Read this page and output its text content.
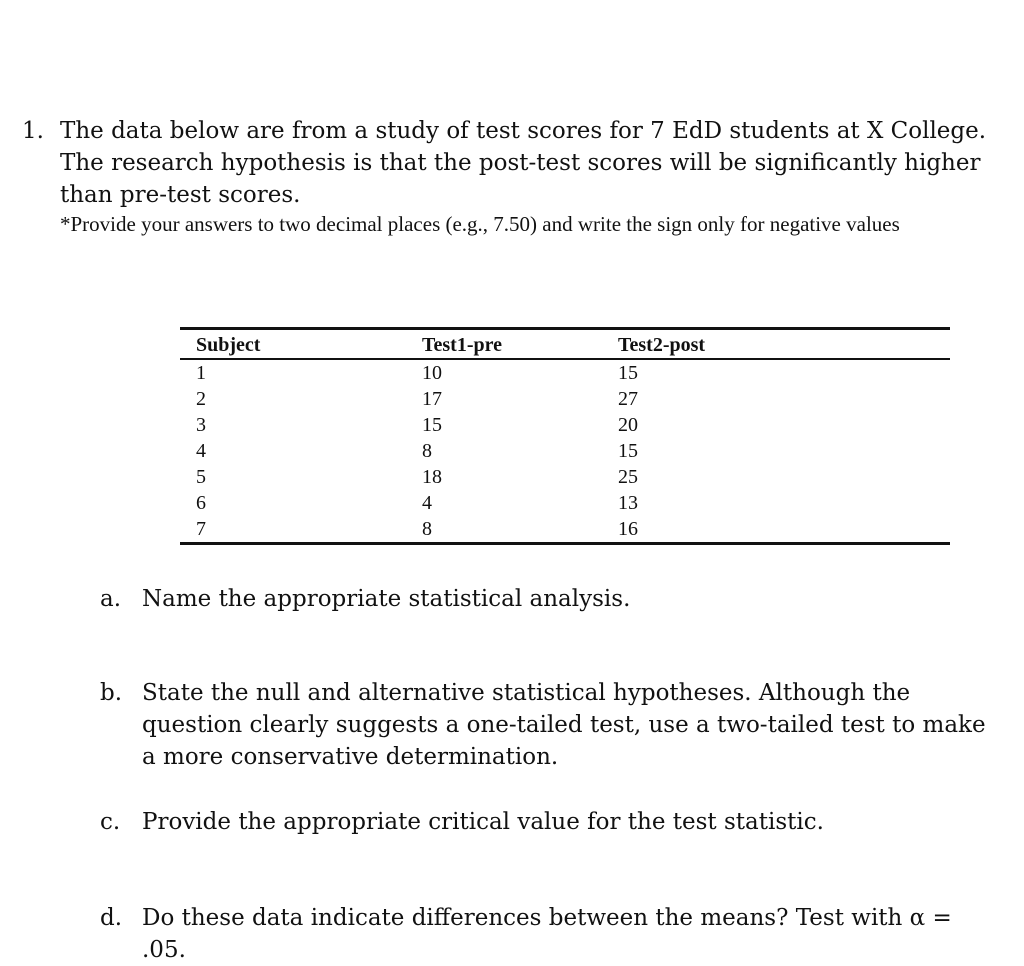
1. The data below are from a study of test scores for 7 EdD students at X College. The research hypothesis is that the post-test scores will be significantly higher than pre-test scores.
*Provide your answers to two decimal places (e.g., 7.50) and write the sign only for negative values
Subject	Test1-pre	Test2-post
1	10	15
2	17	27
3	15	20
4	8	15
5	18	25
6	4	13
7	8	16
a. Name the appropriate statistical analysis.
b. State the null and alternative statistical hypotheses. Although the question clearly suggests a one-tailed test, use a two-tailed test to make a more conservative determination.
c. Provide the appropriate critical value for the test statistic.
d. Do these data indicate differences between the means? Test with α = .05.
